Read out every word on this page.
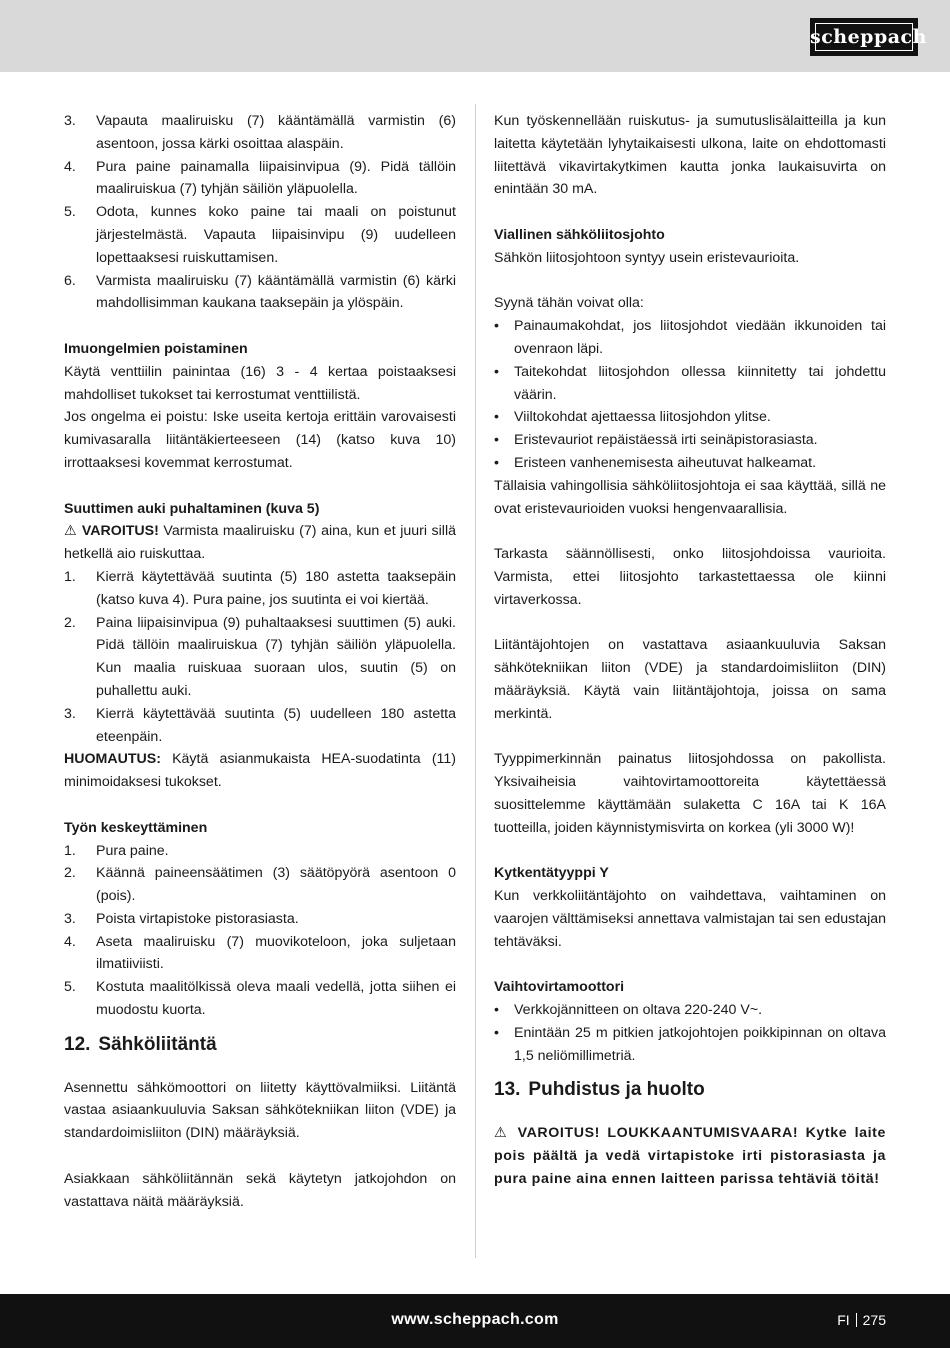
scheppach
3. Vapauta maaliruisku (7) kääntämällä varmistin (6) asentoon, jossa kärki osoittaa alaspäin.
4. Pura paine painamalla liipaisinvipua (9). Pidä tällöin maaliruiskua (7) tyhjän säiliön yläpuolella.
5. Odota, kunnes koko paine tai maali on poistunut järjestelmästä. Vapauta liipaisinvipu (9) uudelleen lopettaaksesi ruiskuttamisen.
6. Varmista maaliruisku (7) kääntämällä varmistin (6) kärki mahdollisimman kaukana taaksepäin ja ylöspäin.

Imuongelmien poistaminen

Käytä venttiilin painintaa (16) 3 - 4 kertaa poistaaksesi mahdolliset tukokset tai kerrostumat venttiilistä.

Jos ongelma ei poistu: Iske useita kertoja erittäin varovaisesti kumivasaralla liitäntäkierteeseen (14) (katso kuva 10) irrottaaksesi kovemmat kerrostumat.

Suuttimen auki puhaltaminen (kuva 5)

⚠ VAROITUS! Varmista maaliruisku (7) aina, kun et juuri sillä hetkellä aio ruiskuttaa.

1. Kierrä käytettävää suutinta (5) 180 astetta taaksepäin (katso kuva 4). Pura paine, jos suutinta ei voi kiertää.
2. Paina liipaisinvipua (9) puhaltaaksesi suuttimen (5) auki. Pidä tällöin maaliruiskua (7) tyhjän säiliön yläpuolella. Kun maalia ruiskuaa suoraan ulos, suutin (5) on puhallettu auki.
3. Kierrä käytettävää suutinta (5) uudelleen 180 astetta eteenpäin.

HUOMAUTUS: Käytä asianmukaista HEA-suodatinta (11) minimoidaksesi tukokset.

Työn keskeyttäminen

1. Pura paine.
2. Käännä paineensäätimen (3) säätöpyörä asentoon 0 (pois).
3. Poista virtapistoke pistorasiasta.
4. Aseta maaliruisku (7) muovikoteloon, joka suljetaan ilmatiiviisti.
5. Kostuta maalitölkissä oleva maali vedellä, jotta siihen ei muodostu kuorta.
12. Sähköliitäntä

Asennettu sähkömoottori on liitetty käyttövalmiiksi. Liitäntä vastaa asiaankuuluvia Saksan sähkötekniikan liiton (VDE) ja standardoimisliiton (DIN) määräyksiä.

Asiakkaan sähköliitännän sekä käytetyn jatkojohdon on vastattava näitä määräyksiä.

Kun työskennellään ruiskutus- ja sumutuslisälaitteilla ja kun laitetta käytetään lyhytaikaisesti ulkona, laite on ehdottomasti liitettävä vikavirtakytkimen kautta jonka laukaisuvirta on enintään 30 mA.

Viallinen sähköliitosjohto

Sähkön liitosjohtoon syntyy usein eristevaurioita.

Syynä tähän voivat olla:

• Painaumakohdat, jos liitosjohdot viedään ikkunoiden tai ovenraon läpi.
• Taitekohdat liitosjohdon ollessa kiinnitetty tai johdettu väärin.
• Viiltokohdat ajettaessa liitosjohdon ylitse.
• Eristevauriot repäistäessä irti seinäpistorasiasta.
• Eristeen vanhenemisesta aiheutuvat halkeamat.

Tällaisia vahingollisia sähköliitosjohtoja ei saa käyttää, sillä ne ovat eristevaurioiden vuoksi hengenvaarallisia.

Tarkasta säännöllisesti, onko liitosjohdoissa vaurioita. Varmista, ettei liitosjohto tarkastettaessa ole kiinni virtaverkossa.

Liitäntäjohtojen on vastattava asiaankuuluvia Saksan sähkötekniikan liiton (VDE) ja standardoimisliiton (DIN) määräyksiä. Käytä vain liitäntäjohtoja, joissa on sama merkintä.

Tyyppimerkinnän painatus liitosjohdossa on pakollista. Yksivaiheisia vaihtovirtamoottoreita käytettäessä suosittelemme käyttämään sulaketta C 16A tai K 16A tuotteilla, joiden käynnistymisvirta on korkea (yli 3000 W)!

Kytkentätyyppi Y

Kun verkkoliitäntäjohto on vaihdettava, vaihtaminen on vaarojen välttämiseksi annettava valmistajan tai sen edustajan tehtäväksi.

Vaihtovirtamoottori

• Verkkojännitteen on oltava 220-240 V~.
• Enintään 25 m pitkien jatkojohtojen poikkipinnan on oltava 1,5 neliömillimetriä.
13. Puhdistus ja huolto

⚠ VAROITUS! LOUKKAANTUMISVAARA! Kytke laite pois päältä ja vedä virtapistoke irti pistorasiasta ja pura paine aina ennen laitteen parissa tehtäviä töitä!

www.scheppach.com	FI 275
